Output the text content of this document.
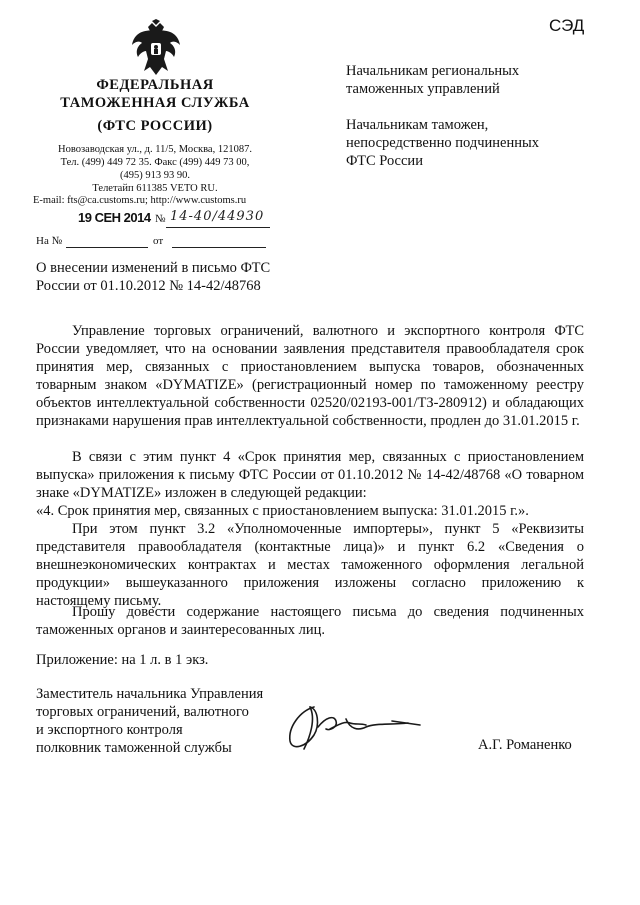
СЭД
ФЕДЕРАЛЬНАЯ
ТАМОЖЕННАЯ СЛУЖБА
(ФТС РОССИИ)
Новозаводская ул., д. 11/5, Москва, 121087.
Тел. (499) 449 72 35. Факс (499) 449 73 00,
(495) 913 93 90.
Телетайп 611385 VETO RU.
E-mail: fts@ca.customs.ru; http://www.customs.ru
19 СЕН 2014 № 14-40/44930
На №	от
Начальникам региональных
таможенных управлений
Начальникам таможен,
непосредственно подчиненных
ФТС России
О внесении изменений в письмо ФТС
России от 01.10.2012 № 14-42/48768
Управление торговых ограничений, валютного и экспортного контроля ФТС России уведомляет, что на основании заявления представителя правообладателя срок принятия мер, связанных с приостановлением выпуска товаров, обозначенных товарным знаком «DYMATIZE» (регистрационный номер по таможенному реестру объектов интеллектуальной собственности 02520/02193-001/ТЗ-280912) и обладающих признаками нарушения прав интеллектуальной собственности, продлен до 31.01.2015 г.
В связи с этим пункт 4 «Срок принятия мер, связанных с приостановлением выпуска» приложения к письму ФТС России от 01.10.2012 № 14-42/48768 «О товарном знаке «DYMATIZE» изложен в следующей редакции:
«4. Срок принятия мер, связанных с приостановлением выпуска: 31.01.2015 г.».
При этом пункт 3.2 «Уполномоченные импортеры», пункт 5 «Реквизиты представителя правообладателя (контактные лица)» и пункт 6.2 «Сведения о внешнеэкономических контрактах и местах таможенного оформления легальной продукции» вышеуказанного приложения изложены согласно приложению к настоящему письму.
Прошу довести содержание настоящего письма до сведения подчиненных таможенных органов и заинтересованных лиц.
Приложение: на 1 л. в 1 экз.
Заместитель начальника Управления
торговых ограничений, валютного
и экспортного контроля
полковник таможенной службы	А.Г. Романенко
